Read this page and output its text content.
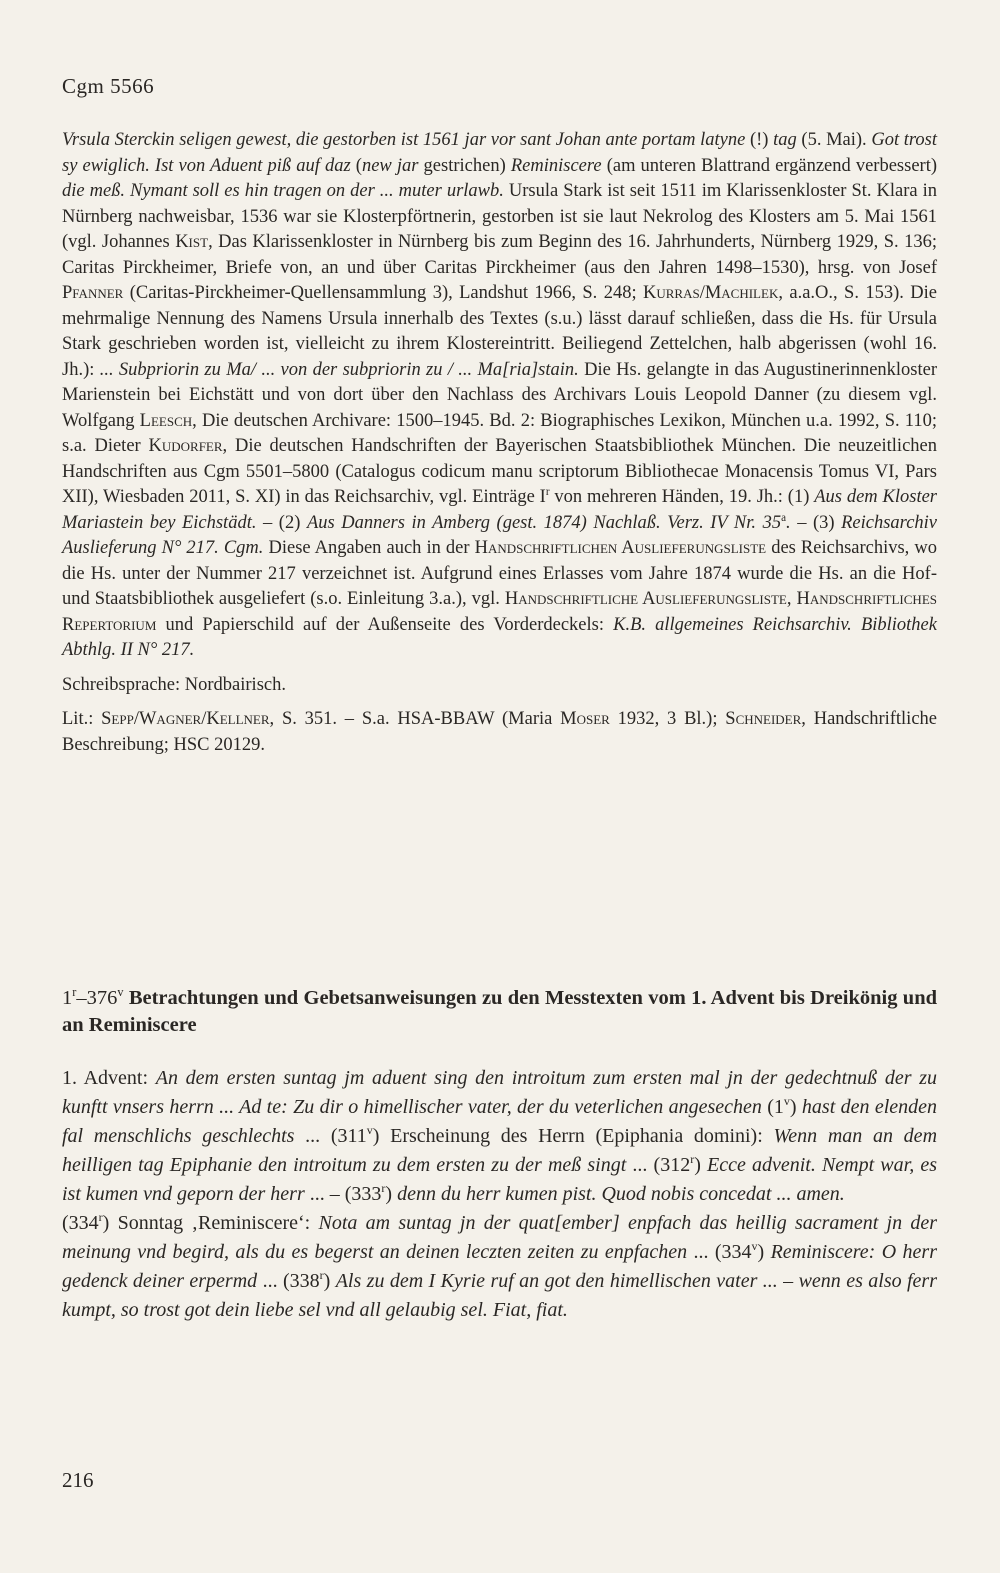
Cgm 5566

Vrsula Sterckin seligen gewest, die gestorben ist 1561 jar vor sant Johan ante portam latyne (!) tag (5. Mai). Got trost sy ewiglich. Ist von Aduent piß auf daz (new jar gestrichen) Reminiscere (am unteren Blattrand ergänzend verbessert) die meß. Nymant soll es hin tragen on der ... muter urlawb. Ursula Stark ist seit 1511 im Klarissenkloster St. Klara in Nürnberg nachweisbar, 1536 war sie Klosterpförtnerin, gestorben ist sie laut Nekrolog des Klosters am 5. Mai 1561 (vgl. Johannes Kist, Das Klarissenkloster in Nürnberg bis zum Beginn des 16. Jahrhunderts, Nürnberg 1929, S. 136; Caritas Pirckheimer, Briefe von, an und über Caritas Pirckheimer (aus den Jahren 1498–1530), hrsg. von Josef Pfanner (Caritas-Pirckheimer-Quellensammlung 3), Landshut 1966, S. 248; Kurras/Machilek, a.a.O., S. 153). Die mehrmalige Nennung des Namens Ursula innerhalb des Textes (s.u.) lässt darauf schließen, dass die Hs. für Ursula Stark geschrieben worden ist, vielleicht zu ihrem Klostereintritt. Beiliegend Zettelchen, halb abgerissen (wohl 16. Jh.): ... Subpriorin zu Ma/ ... von der subpriorin zu / ... Ma[ria]stain. Die Hs. gelangte in das Augustinerinnenkloster Marienstein bei Eichstätt und von dort über den Nachlass des Archivars Louis Leopold Danner (zu diesem vgl. Wolfgang Leesch, Die deutschen Archivare: 1500–1945. Bd. 2: Biographisches Lexikon, München u.a. 1992, S. 110; s.a. Dieter Kudorfer, Die deutschen Handschriften der Bayerischen Staatsbibliothek München. Die neuzeitlichen Handschriften aus Cgm 5501–5800 (Catalogus codicum manu scriptorum Bibliothecae Monacensis Tomus VI, Pars XII), Wiesbaden 2011, S. XI) in das Reichsarchiv, vgl. Einträge $I^r$ von mehreren Händen, 19. Jh.: (1) Aus dem Kloster Mariastein bey Eichstädt. – (2) Aus Danners in Amberg (gest. 1874) Nachlaß. Verz. IV Nr. 35$^a$. – (3) Reichsarchiv Auslieferung N° 217. Cgm. Diese Angaben auch in der Handschriftlichen Auslieferungsliste des Reichsarchivs, wo die Hs. unter der Nummer 217 verzeichnet ist. Aufgrund eines Erlasses vom Jahre 1874 wurde die Hs. an die Hof- und Staatsbibliothek ausgeliefert (s.o. Einleitung 3.a.), vgl. Handschriftliche Auslieferungsliste, Handschriftliches Repertorium und Papierschild auf der Außenseite des Vorderdeckels: K.B. allgemeines Reichsarchiv. Bibliothek Abthlg. II N° 217.

Schreibsprache: Nordbairisch.

Lit.: Sepp/Wagner/Kellner, S. 351. – S.a. HSA-BBAW (Maria Moser 1932, 3 Bl.); Schneider, Handschriftliche Beschreibung; HSC 20129.

1$^r$–376$^v$ Betrachtungen und Gebetsanweisungen zu den Messtexten vom 1. Advent bis Dreikönig und an Reminiscere

1. Advent: An dem ersten suntag jm aduent sing den introitum zum ersten mal jn der gedechtnuß der zu kunftt vnsers herrn ... Ad te: Zu dir o himellischer vater, der du veterlichen angesechen (1$^v$) hast den elenden fal menschlichs geschlechts ... (311$^v$) Erscheinung des Herrn (Epiphania domini): Wenn man an dem heilligen tag Epiphanie den introitum zu dem ersten zu der meß singt ... (312$^r$) Ecce advenit. Nempt war, es ist kumen vnd geporn der herr ... – (333$^r$) denn du herr kumen pist. Quod nobis concedat ... amen.

(334$^r$) Sonntag ‚Reminiscere‘: Nota am suntag jn der quat[ember] enpfach das heillig sacrament jn der meinung vnd begird, als du es begerst an deinen leczten zeiten zu enpfachen ... (334$^v$) Reminiscere: O herr gedenck deiner erpermd ... (338$^r$) Als zu dem I Kyrie ruf an got den himellischen vater ... – wenn es also ferr kumpt, so trost got dein liebe sel vnd all gelaubig sel. Fiat, fiat.

216
